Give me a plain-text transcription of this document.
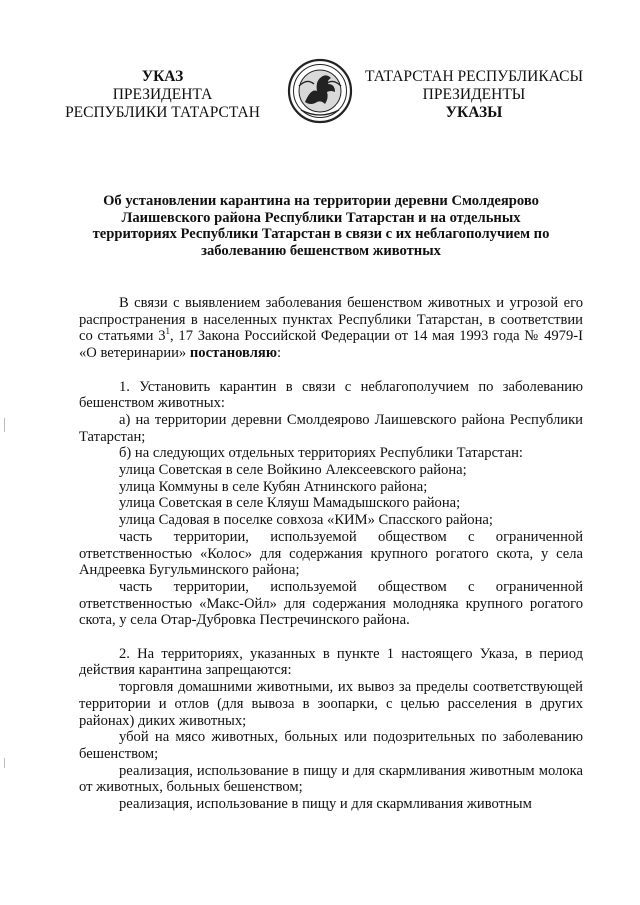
УКАЗ
ПРЕЗИДЕНТА
РЕСПУБЛИКИ ТАТАРСТАН
ТАТАРСТАН РЕСПУБЛИКАСЫ
ПРЕЗИДЕНТЫ
УКАЗЫ
Об установлении карантина на территории деревни Смолдеярово Лаишевского района Республики Татарстан и на отдельных территориях Республики Татарстан в связи с их неблагополучием по заболеванию бешенством животных

В связи с выявлением заболевания бешенством животных и угрозой его распространения в населенных пунктах Республики Татарстан, в соответствии со статьями $3^1$, 17 Закона Российской Федерации от 14 мая 1993 года № 4979-I «О ветеринарии» постановляю:

1. Установить карантин в связи с неблагополучием по заболеванию бешенством животных:

а) на территории деревни Смолдеярово Лаишевского района Республики Татарстан;

б) на следующих отдельных территориях Республики Татарстан:

улица Советская в селе Войкино Алексеевского района;

улица Коммуны в селе Кубян Атнинского района;

улица Советская в селе Кляуш Мамадышского района;

улица Садовая в поселке совхоза «КИМ» Спасского района;

часть территории, используемой обществом с ограниченной ответственностью «Колос» для содержания крупного рогатого скота, у села Андреевка Бугульминского района;

часть территории, используемой обществом с ограниченной ответственностью «Макс-Ойл» для содержания молодняка крупного рогатого скота, у села Отар-Дубровка Пестречинского района.

2. На территориях, указанных в пункте 1 настоящего Указа, в период действия карантина запрещаются:

торговля домашними животными, их вывоз за пределы соответствующей территории и отлов (для вывоза в зоопарки, с целью расселения в других районах) диких животных;

убой на мясо животных, больных или подозрительных по заболеванию бешенством;

реализация, использование в пищу и для скармливания животным молока от животных, больных бешенством;

реализация, использование в пищу и для скармливания животным
